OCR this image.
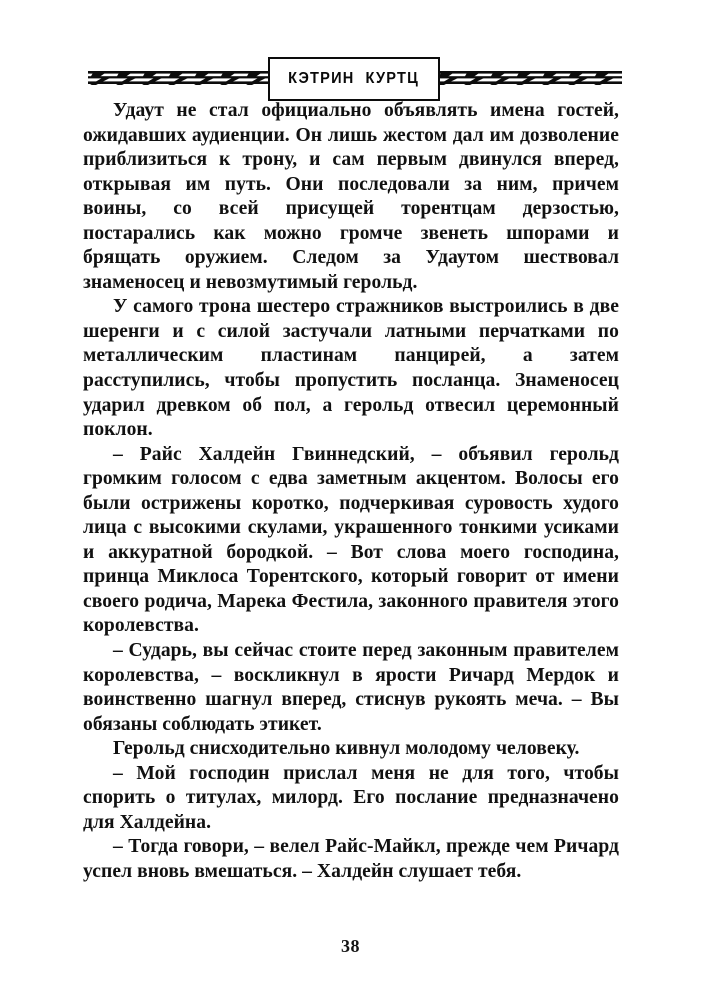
КЭТРИН КУРТЦ

Удаут не стал официально объявлять имена гостей, ожидавших аудиенции. Он лишь жестом дал им дозволение приблизиться к трону, и сам первым двинулся вперед, открывая им путь. Они последовали за ним, причем воины, со всей присущей торентцам дерзостью, постарались как можно громче звенеть шпорами и брящать оружием. Следом за Удаутом шествовал знаменосец и невозмутимый герольд.

У самого трона шестеро стражников выстроились в две шеренги и с силой застучали латными перчатками по металлическим пластинам панцирей, а затем расступились, чтобы пропустить посланца. Знаменосец ударил древком об пол, а герольд отвесил церемонный поклон.

– Райс Халдейн Гвиннедский, – объявил герольд громким голосом с едва заметным акцентом. Волосы его были острижены коротко, подчеркивая суровость худого лица с высокими скулами, украшенного тонкими усиками и аккуратной бородкой. – Вот слова моего господина, принца Миклоса Торентского, который говорит от имени своего родича, Марека Фестила, законного правителя этого королевства.

– Сударь, вы сейчас стоите перед законным правителем королевства, – воскликнул в ярости Ричард Мердок и воинственно шагнул вперед, стиснув рукоять меча. – Вы обязаны соблюдать этикет.

Герольд снисходительно кивнул молодому человеку.

– Мой господин прислал меня не для того, чтобы спорить о титулах, милорд. Его послание предназначено для Халдейна.

– Тогда говори, – велел Райс-Майкл, прежде чем Ричард успел вновь вмешаться. – Халдейн слушает тебя.

38
